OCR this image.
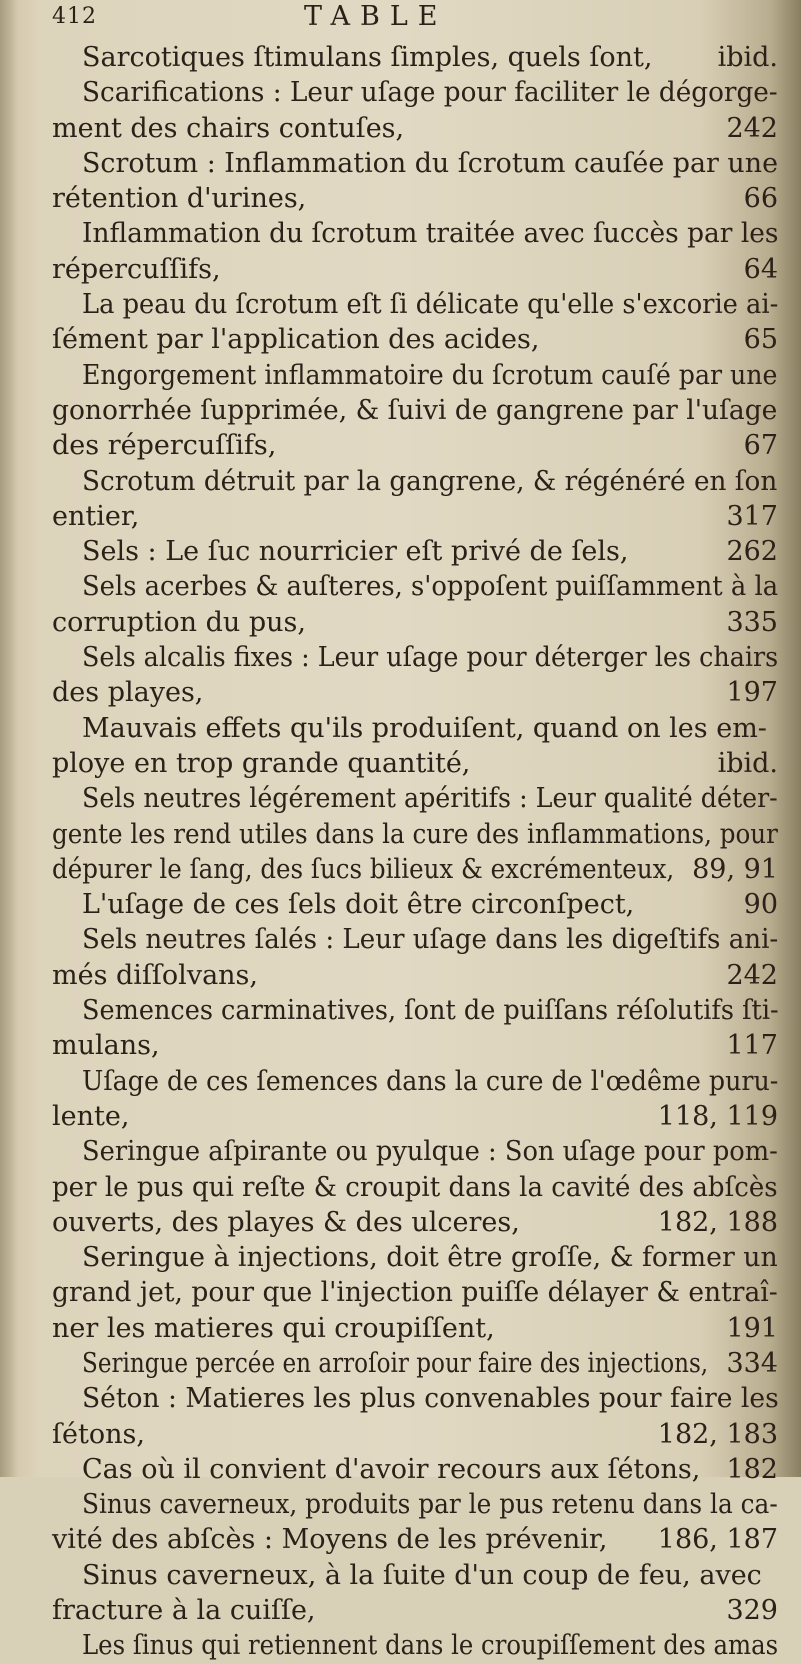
412	TABLE
Sarcotiques ſtimulans ſimples, quels ſont, ibid.
Scarifications : Leur uſage pour faciliter le dégorge-
ment des chairs contuſes,	242
Scrotum : Inflammation du ſcrotum cauſée par une
rétention d'urines,	66
Inflammation du ſcrotum traitée avec ſuccès par les
répercuſſifs,	64
La peau du ſcrotum eſt ſi délicate qu'elle s'excorie ai-
ſément par l'application des acides,	65
Engorgement inflammatoire du ſcrotum cauſé par une
gonorrhée ſupprimée, & ſuivi de gangrene par l'uſage
des répercuſſifs,	67
Scrotum détruit par la gangrene, & régénéré en ſon
entier,	317
Sels : Le ſuc nourricier eſt privé de ſels,	262
Sels acerbes & auſteres, s'oppoſent puiſſamment à la
corruption du pus,	335
Sels alcalis fixes : Leur uſage pour déterger les chairs
des playes,	197
Mauvais effets qu'ils produiſent, quand on les em-
ploye en trop grande quantité,	ibid.
Sels neutres légérement apéritifs : Leur qualité déter-
gente les rend utiles dans la cure des inflammations, pour
dépurer le ſang, des ſucs bilieux & excrémenteux, 89, 91
L'uſage de ces ſels doit être circonſpect,	90
Sels neutres ſalés : Leur uſage dans les digeſtifs ani-
més diſſolvans,	242
Semences carminatives, ſont de puiſſans réſolutifs ſti-
mulans,	117
Uſage de ces ſemences dans la cure de l'œdême puru-
lente,	118, 119
Seringue aſpirante ou pyulque : Son uſage pour pom-
per le pus qui reſte & croupit dans la cavité des abſcès
ouverts, des playes & des ulceres,	182, 188
Seringue à injections, doit être groſſe, & former un
grand jet, pour que l'injection puiſſe délayer & entraî-
ner les matieres qui croupiſſent,	191
Seringue percée en arroſoir pour faire des injections, 334
Séton : Matieres les plus convenables pour faire les
ſétons,	182, 183
Cas où il convient d'avoir recours aux ſétons, 182
Sinus caverneux, produits par le pus retenu dans la ca-
vité des abſcès : Moyens de les prévenir, 186, 187
Sinus caverneux, à la ſuite d'un coup de feu, avec
fracture à la cuiſſe,	329
Les ſinus qui retiennent dans le croupiſſement des amas
